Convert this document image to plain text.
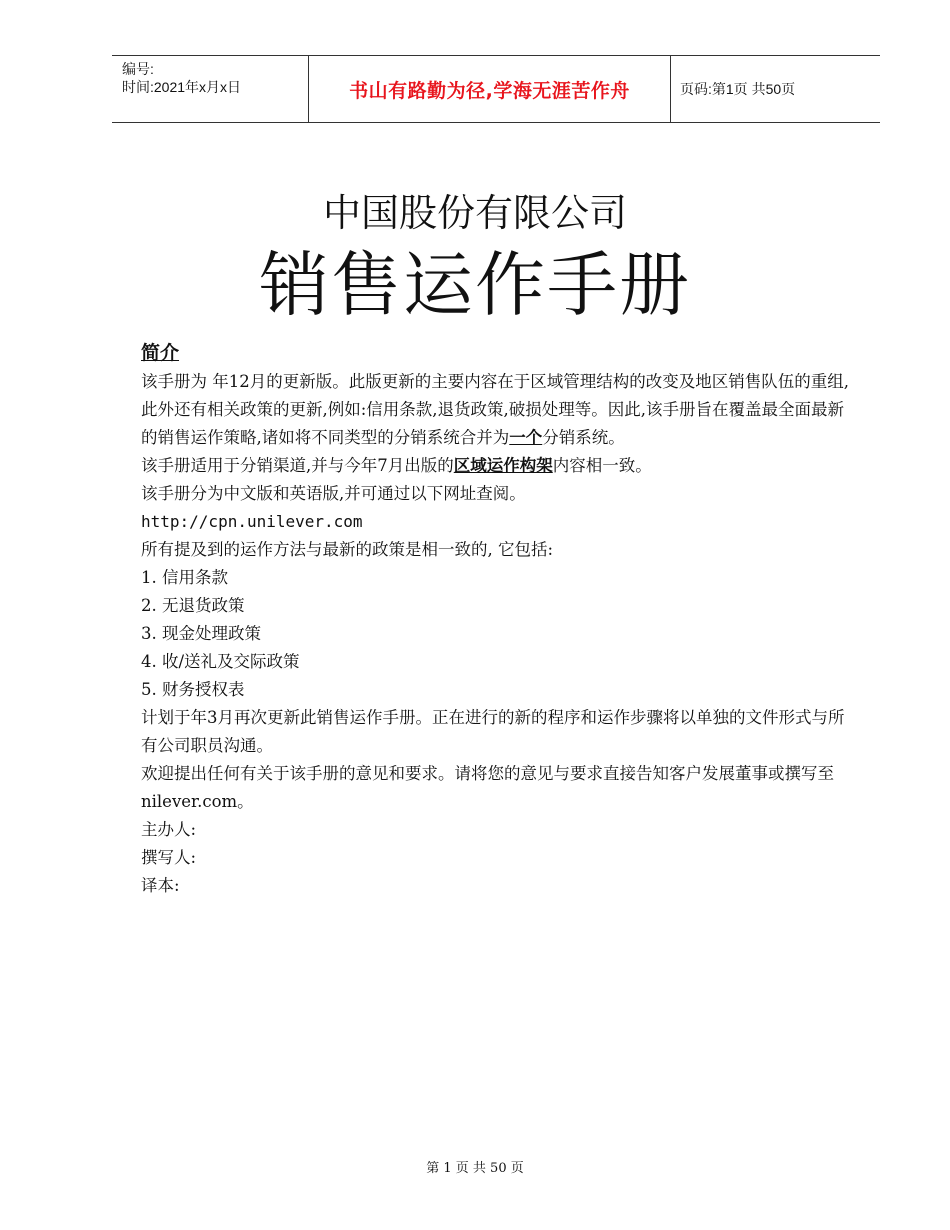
编号:
时间:2021年x月x日	书山有路勤为径,学海无涯苦作舟	页码:第1页 共50页
中国股份有限公司
销售运作手册
简介

该手册为 年12月的更新版。此版更新的主要内容在于区域管理结构的改变及地区销售队伍的重组,此外还有相关政策的更新,例如:信用条款,退货政策,破损处理等。因此,该手册旨在覆盖最全面最新的销售运作策略,诸如将不同类型的分销系统合并为一个分销系统。

该手册适用于分销渠道,并与今年7月出版的区域运作构架内容相一致。

该手册分为中文版和英语版,并可通过以下网址查阅。

http://cpn.unilever.com

所有提及到的运作方法与最新的政策是相一致的, 它包括:

1. 信用条款
2. 无退货政策
3. 现金处理政策
4. 收/送礼及交际政策
5. 财务授权表

计划于年3月再次更新此销售运作手册。正在进行的新的程序和运作步骤将以单独的文件形式与所有公司职员沟通。

欢迎提出任何有关于该手册的意见和要求。请将您的意见与要求直接告知客户发展董事或撰写至nilever.com。

主办人:

撰写人:

译本:

第 1 页 共 50 页
